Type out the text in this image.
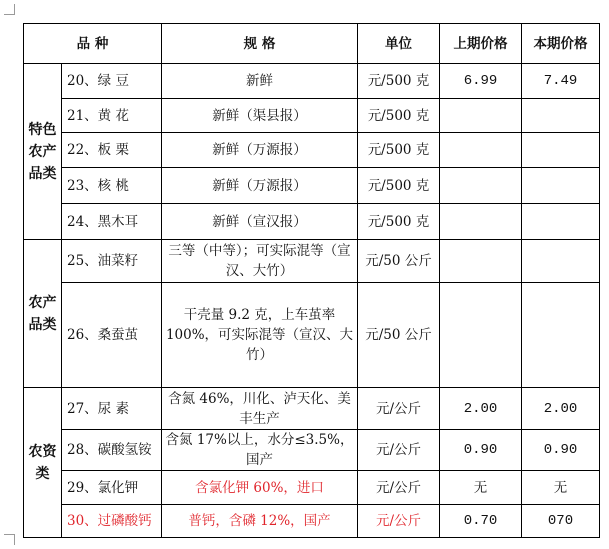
品 种		规 格	单位	上期价格	本期价格
特色农产品类	20、绿 豆	新鲜	元/500 克	6.99	7.49
	21、黄 花	新鲜（渠县报）	元/500 克		
	22、板 栗	新鲜（万源报）	元/500 克		
	23、核 桃	新鲜（万源报）	元/500 克		
	24、黑木耳	新鲜（宣汉报）	元/500 克		
农产品类	25、油菜籽	三等（中等）；可实际混等（宣汉、大竹）	元/50 公斤		
	26、桑蚕茧	干壳量 9.2 克，上车茧率 100%，可实际混等（宣汉、大竹）	元/50 公斤		
农资类	27、尿 素	含氮 46%，川化、泸天化、美丰生产	元/公斤	2.00	2.00
	28、碳酸氢铵	含氮 17%以上，水分≤3.5%，国产	元/公斤	0.90	0.90
	29、氯化钾	含氯化钾 60%，进口	元/公斤	无	无
	30、过磷酸钙	普钙，含磷 12%，国产	元/公斤	0.70	070
